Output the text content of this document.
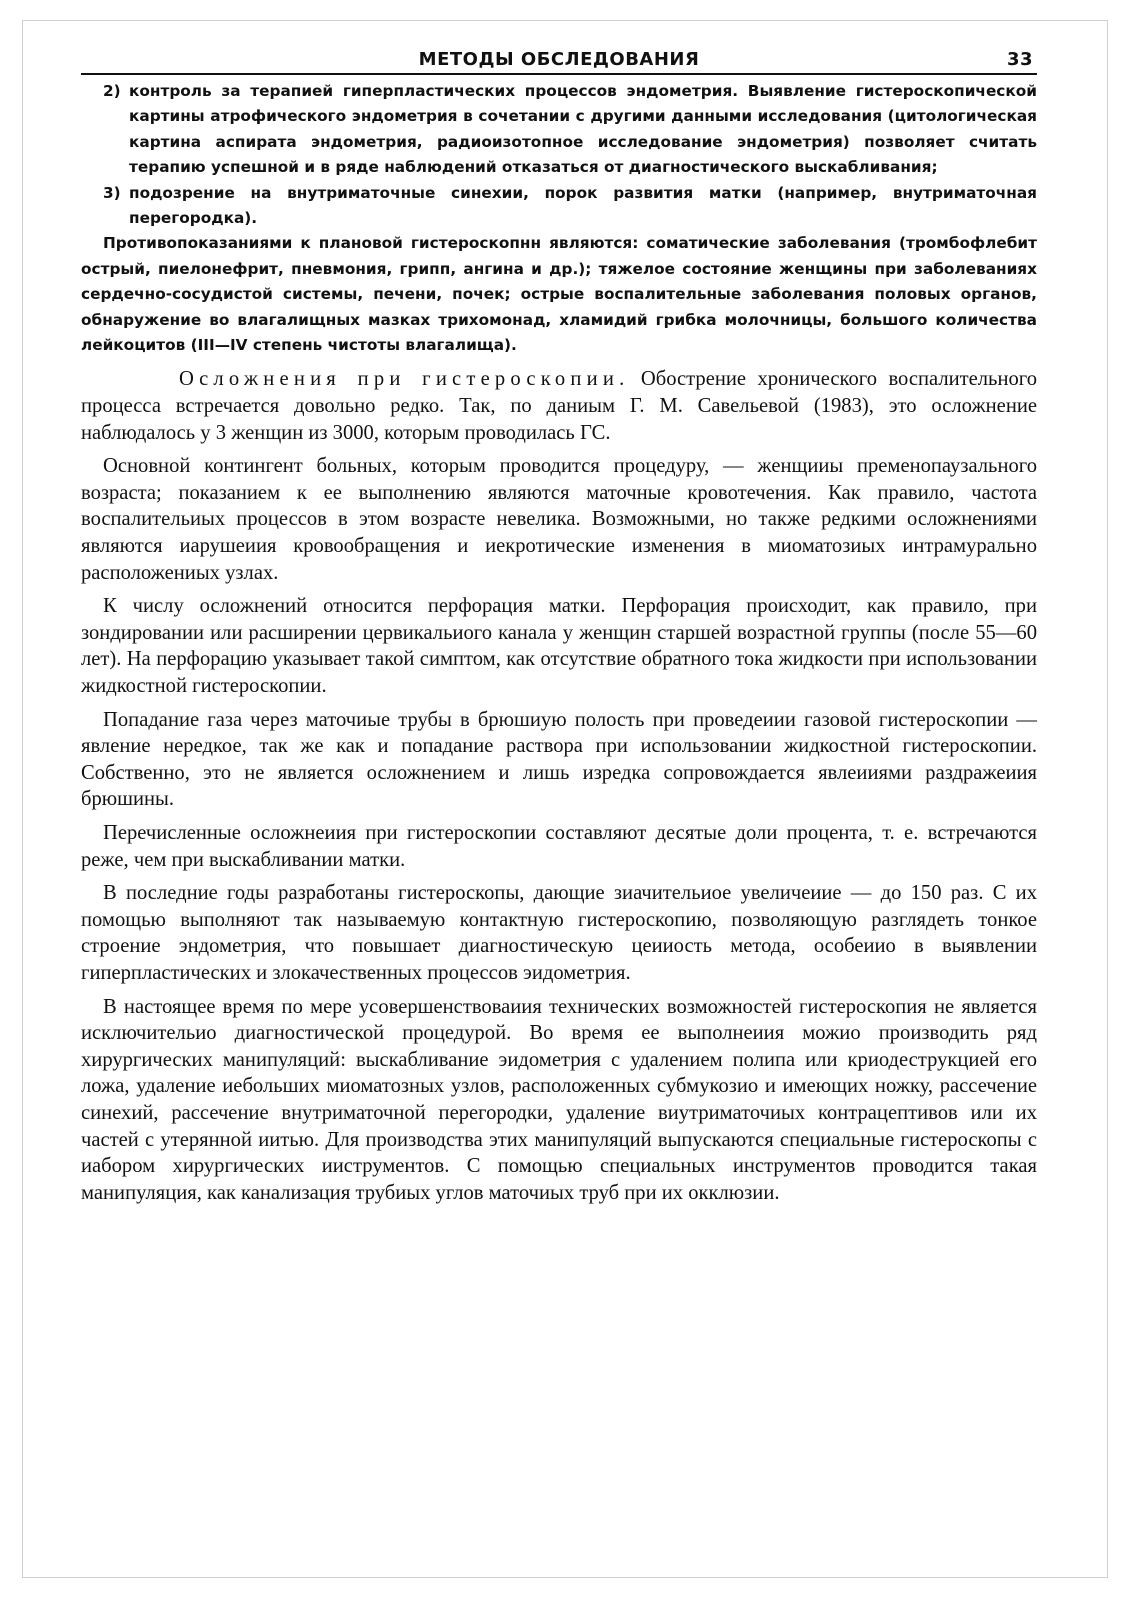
МЕТОДЫ ОБСЛЕДОВАНИЯ	33
2) контроль за терапией гиперпластических процессов эндометрия. Выявление гистероскопической картины атрофического эндометрия в сочетании с другими данными исследования (цитологическая картина аспирата эндометрия, радиоизотопное исследование эндометрия) позволяет считать терапию успешной и в ряде наблюдений отказаться от диагностического выскабливания;
3) подозрение на внутриматочные синехии, порок развития матки (например, внутриматочная перегородка).

Противопоказаниями к плановой гистероскопнн являются: соматические заболевания (тромбофлебит острый, пиелонефрит, пневмония, грипп, ангина и др.); тяжелое состояние женщины при заболеваниях сердечно-сосудистой системы, печени, почек; острые воспалительные заболевания половых органов, обнаружение во влагалищных мазках трихомонад, хламидий грибка молочницы, большого количества лейкоцитов (III—IV степень чистоты влагалища).

Осложнения при гистероскопии. Обострение хронического воспалительного процесса встречается довольно редко. Так, по даниым Г. М. Савельевой (1983), это осложнение наблюдалось у 3 женщин из 3000, которым проводилась ГС.

Основной контингент больных, которым проводится процедуру, — женщииы пременопаузального возраста; показанием к ее выполнению являются маточные кровотечения. Как правило, частота воспалительиых процессов в этом возрасте невелика. Возможными, но также редкими осложнениями являются иарушеиия кровообращения и иекротические изменения в миоматозиых интрамурально расположениых узлах.

К числу осложнений относится перфорация матки. Перфорация происходит, как правило, при зондировании или расширении цервикальиого канала у женщин старшей возрастной группы (после 55—60 лет). На перфорацию указывает такой симптом, как отсутствие обратного тока жидкости при использовании жидкостной гистероскопии.

Попадание газа через маточиые трубы в брюшиую полость при проведеиии газовой гистероскопии — явление нередкое, так же как и попадание раствора при использовании жидкостной гистероскопии. Собственно, это не является осложнением и лишь изредка сопровождается явлеииями раздражеиия брюшины.

Перечисленные осложнеиия при гистероскопии составляют десятые доли процента, т. е. встречаются реже, чем при выскабливании матки.

В последние годы разработаны гистероскопы, дающие зиачительиое увеличеиие — до 150 раз. С их помощью выполняют так называемую контактную гистероскопию, позволяющую разглядеть тонкое строение эндометрия, что повышает диагностическую цеииость метода, особеиио в выявлении гиперпластических и злокачественных процессов эидометрия.

В настоящее время по мере усовершенствоваиия технических возможностей гистероскопия не является исключительио диагностической процедурой. Во время ее выполнеиия можио производить ряд хирургических манипуляций: выскабливание эидометрия с удалением полипа или криодеструкцией его ложа, удаление иебольших миоматозных узлов, расположенных субмукозио и имеющих ножку, рассечение синехий, рассечение внутриматочной перегородки, удаление виутриматочиых контрацептивов или их частей с утерянной иитью. Для производства этих манипуляций выпускаются специальные гистероскопы с иабором хирургических ииструментов. С помощью специальных инструментов проводится такая манипуляция, как канализация трубиых углов маточиых труб при их окклюзии.
